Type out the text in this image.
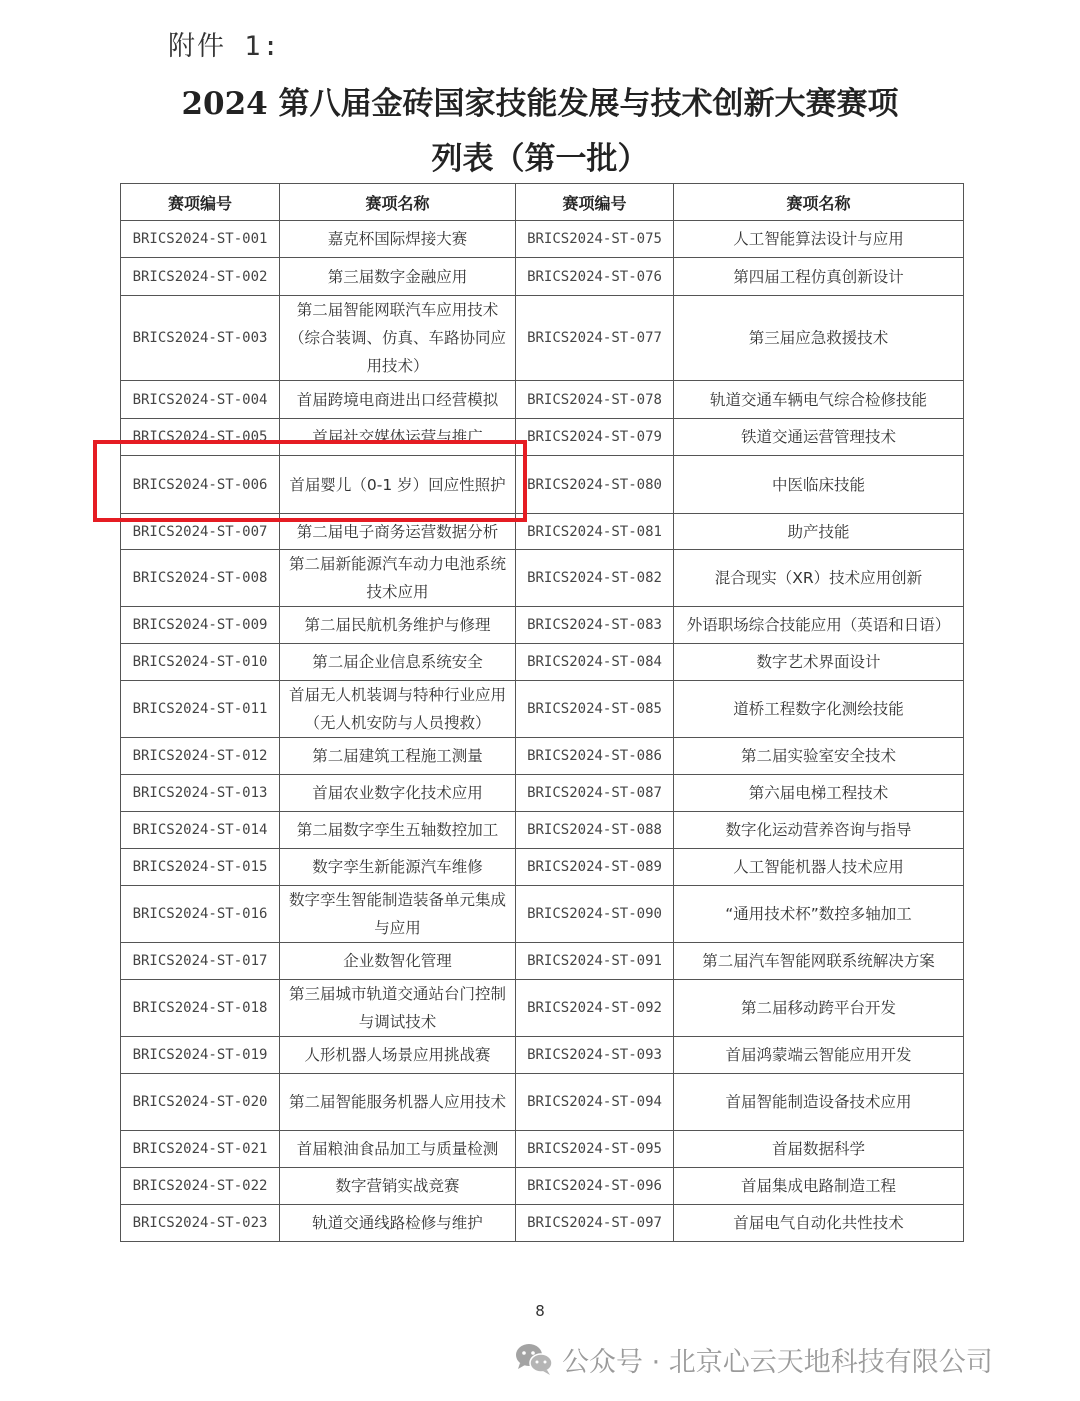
附件 1:
2024 第八届金砖国家技能发展与技术创新大赛赛项
列表（第一批）
赛项编号	赛项名称	赛项编号	赛项名称
BRICS2024-ST-001	嘉克杯国际焊接大赛	BRICS2024-ST-075	人工智能算法设计与应用
BRICS2024-ST-002	第三届数字金融应用	BRICS2024-ST-076	第四届工程仿真创新设计
BRICS2024-ST-003	第二届智能网联汽车应用技术（综合装调、仿真、车路协同应用技术）	BRICS2024-ST-077	第三届应急救援技术
BRICS2024-ST-004	首届跨境电商进出口经营模拟	BRICS2024-ST-078	轨道交通车辆电气综合检修技能
BRICS2024-ST-005	首届社交媒体运营与推广	BRICS2024-ST-079	铁道交通运营管理技术
BRICS2024-ST-006	首届婴儿（0-1 岁）回应性照护	BRICS2024-ST-080	中医临床技能
BRICS2024-ST-007	第二届电子商务运营数据分析	BRICS2024-ST-081	助产技能
BRICS2024-ST-008	第二届新能源汽车动力电池系统技术应用	BRICS2024-ST-082	混合现实（XR）技术应用创新
BRICS2024-ST-009	第二届民航机务维护与修理	BRICS2024-ST-083	外语职场综合技能应用（英语和日语）
BRICS2024-ST-010	第二届企业信息系统安全	BRICS2024-ST-084	数字艺术界面设计
BRICS2024-ST-011	首届无人机装调与特种行业应用（无人机安防与人员搜救）	BRICS2024-ST-085	道桥工程数字化测绘技能
BRICS2024-ST-012	第二届建筑工程施工测量	BRICS2024-ST-086	第二届实验室安全技术
BRICS2024-ST-013	首届农业数字化技术应用	BRICS2024-ST-087	第六届电梯工程技术
BRICS2024-ST-014	第二届数字孪生五轴数控加工	BRICS2024-ST-088	数字化运动营养咨询与指导
BRICS2024-ST-015	数字孪生新能源汽车维修	BRICS2024-ST-089	人工智能机器人技术应用
BRICS2024-ST-016	数字孪生智能制造装备单元集成与应用	BRICS2024-ST-090	“通用技术杯”数控多轴加工
BRICS2024-ST-017	企业数智化管理	BRICS2024-ST-091	第二届汽车智能网联系统解决方案
BRICS2024-ST-018	第三届城市轨道交通站台门控制与调试技术	BRICS2024-ST-092	第二届移动跨平台开发
BRICS2024-ST-019	人形机器人场景应用挑战赛	BRICS2024-ST-093	首届鸿蒙端云智能应用开发
BRICS2024-ST-020	第二届智能服务机器人应用技术	BRICS2024-ST-094	首届智能制造设备技术应用
BRICS2024-ST-021	首届粮油食品加工与质量检测	BRICS2024-ST-095	首届数据科学
BRICS2024-ST-022	数字营销实战竞赛	BRICS2024-ST-096	首届集成电路制造工程
BRICS2024-ST-023	轨道交通线路检修与维护	BRICS2024-ST-097	首届电气自动化共性技术
8
公众号 · 北京心云天地科技有限公司
